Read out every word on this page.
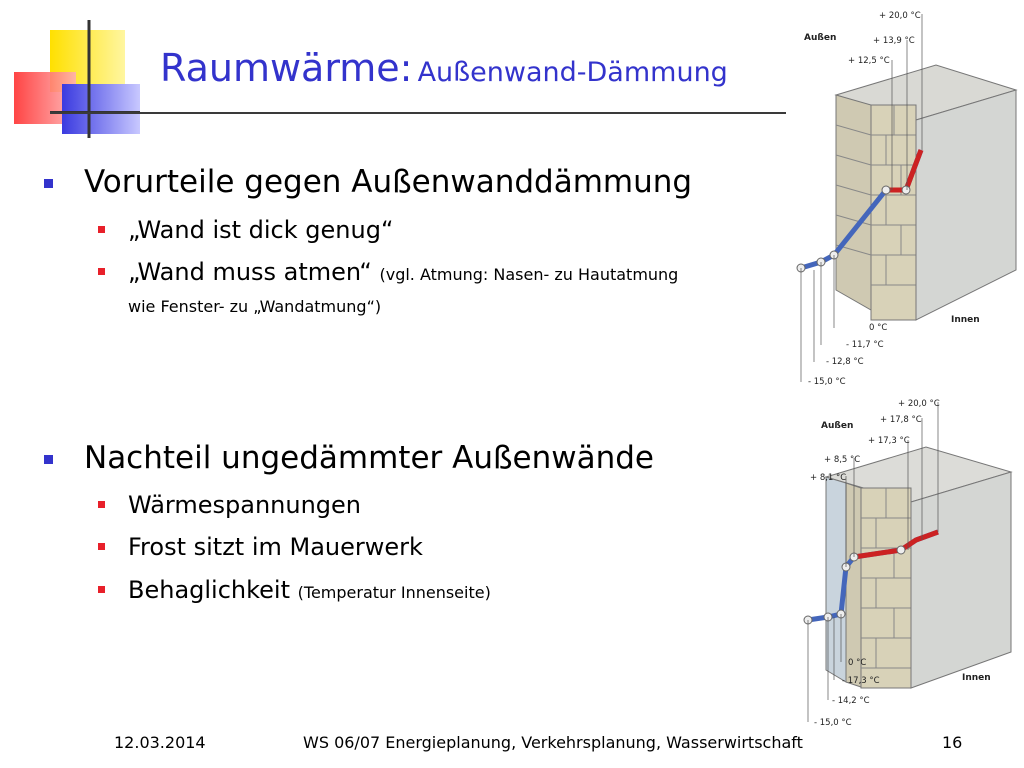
Raumwärme: Außenwand-Dämmung
Vorurteile gegen Außenwanddämmung
„Wand ist dick genug“
„Wand muss atmen“ (vgl. Atmung: Nasen- zu Hautatmung
wie Fenster- zu „Wandatmung“)
Nachteil ungedämmter Außenwände
Wärmespannungen
Frost sitzt im Mauerwerk
Behaglichkeit (Temperatur Innenseite)
Außen
Innen
+ 20,0 °C
+ 13,9 °C
+ 12,5 °C
0 °C
- 11,7 °C
- 12,8 °C
- 15,0 °C
Außen
Innen
+ 20,0 °C
+ 17,8 °C
+ 17,3 °C
+ 8,5 °C
+ 8,1 °C
0 °C
- 17,3 °C
- 14,2 °C
- 15,0 °C
12.03.2014	WS 06/07 Energieplanung, Verkehrsplanung, Wasserwirtschaft	16
